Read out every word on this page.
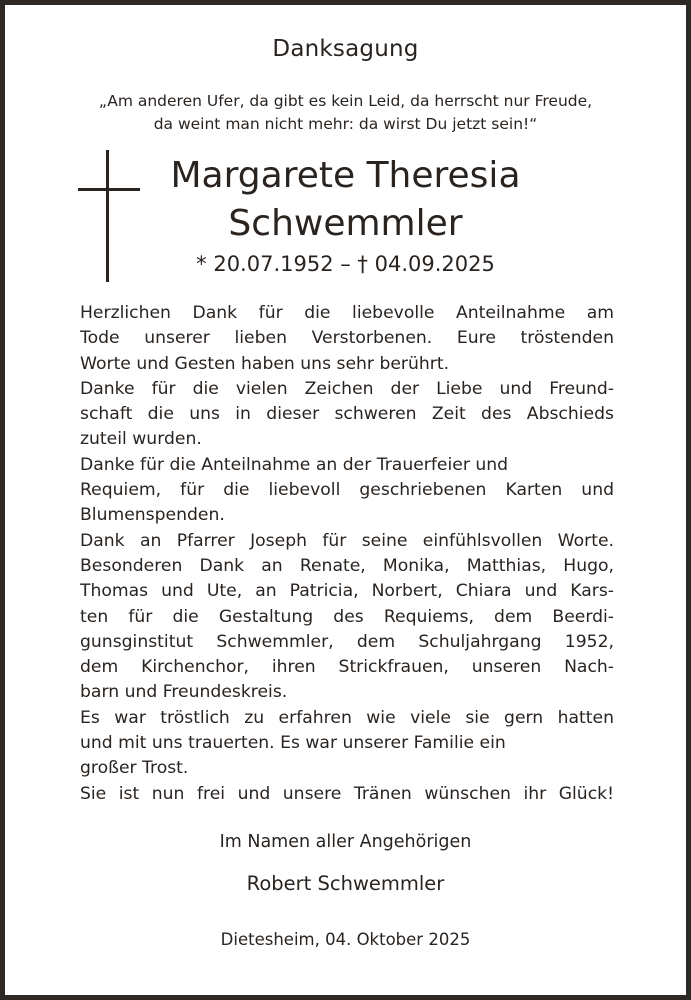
Danksagung
„Am anderen Ufer, da gibt es kein Leid, da herrscht nur Freude,
da weint man nicht mehr: da wirst Du jetzt sein!“
Margarete Theresia
Schwemmler
* 20.07.1952 – † 04.09.2025
Herzlichen Dank für die liebevolle Anteilnahme am
Tode unserer lieben Verstorbenen. Eure tröstenden
Worte und Gesten haben uns sehr berührt.
Danke für die vielen Zeichen der Liebe und Freund-
schaft die uns in dieser schweren Zeit des Abschieds
zuteil wurden.
Danke für die Anteilnahme an der Trauerfeier und
Requiem, für die liebevoll geschriebenen Karten und
Blumenspenden.
Dank an Pfarrer Joseph für seine einfühlsvollen Worte.
Besonderen Dank an Renate, Monika, Matthias, Hugo,
Thomas und Ute, an Patricia, Norbert, Chiara und Kars-
ten für die Gestaltung des Requiems, dem Beerdi-
gunsginstitut Schwemmler, dem Schuljahrgang 1952,
dem Kirchenchor, ihren Strickfrauen, unseren Nach-
barn und Freundeskreis.
Es war tröstlich zu erfahren wie viele sie gern hatten
und mit uns trauerten. Es war unserer Familie ein
großer Trost.
Sie ist nun frei und unsere Tränen wünschen ihr Glück!
Im Namen aller Angehörigen
Robert Schwemmler
Dietesheim, 04. Oktober 2025
